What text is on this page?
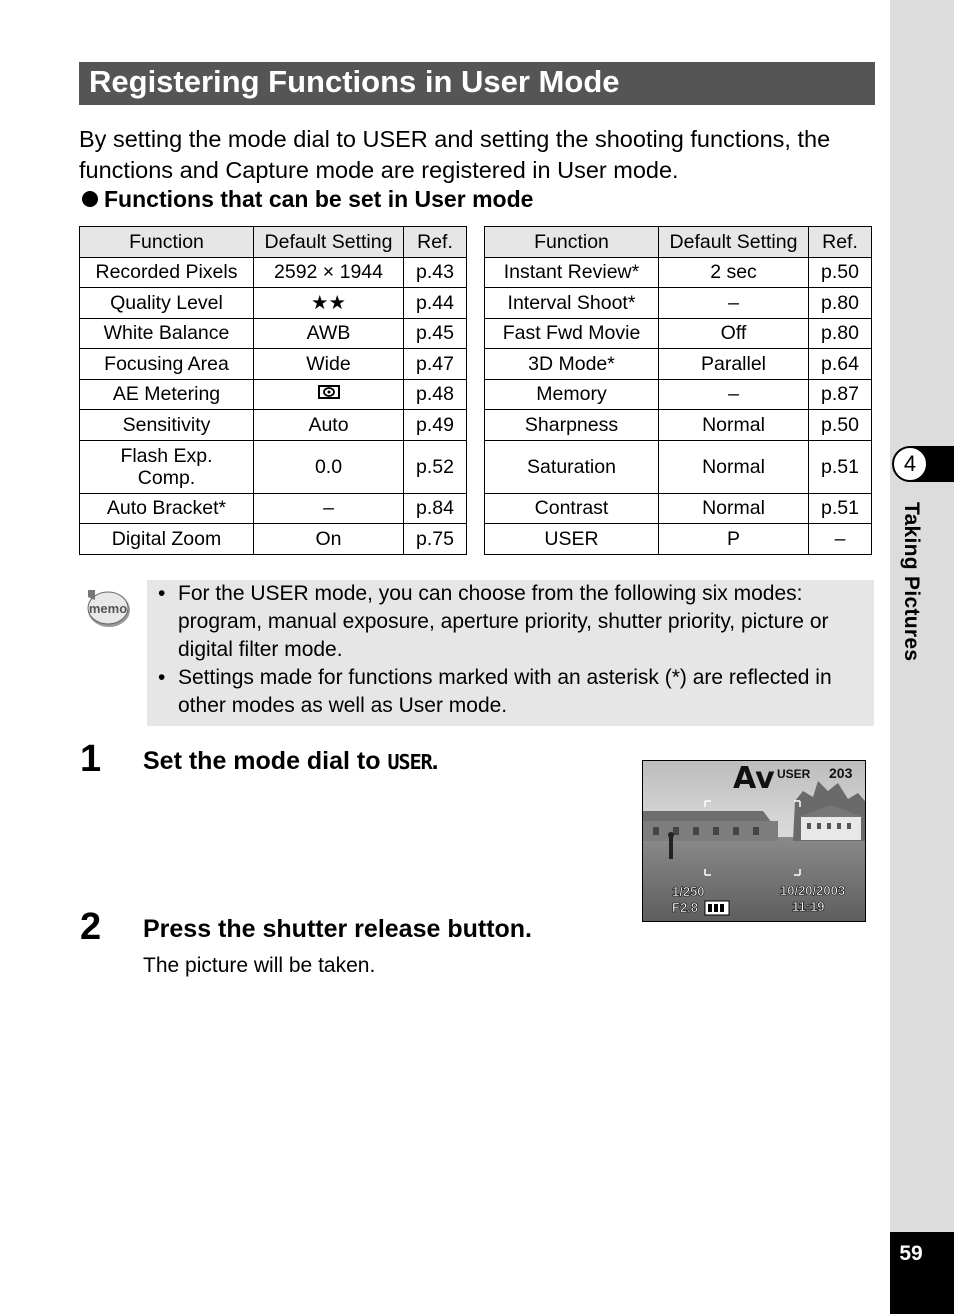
4
Taking Pictures
59
Registering Functions in User Mode
By setting the mode dial to USER and setting the shooting functions, the functions and Capture mode are registered in User mode.
Functions that can be set in User mode
Function	Default Setting	Ref.
Recorded Pixels	2592 × 1944	p.43
Quality Level	★★	p.44
White Balance	AWB	p.45
Focusing Area	Wide	p.47
AE Metering		p.48
Sensitivity	Auto	p.49
Flash Exp. Comp.	0.0	p.52
Auto Bracket*	–	p.84
Digital Zoom	On	p.75
Function	Default Setting	Ref.
Instant Review*	2 sec	p.50
Interval Shoot*	–	p.80
Fast Fwd Movie	Off	p.80
3D Mode*	Parallel	p.64
Memory	–	p.87
Sharpness	Normal	p.50
Saturation	Normal	p.51
Contrast	Normal	p.51
USER	P	–
memo
• For the USER mode, you can choose from the following six modes: program, manual exposure, aperture priority, shutter priority, picture or digital filter mode.
• Settings made for functions marked with an asterisk (*) are reflected in other modes as well as User mode.
1 Set the mode dial to USER.
2 Press the shutter release button.
The picture will be taken.
Av USER 203
1/250
F2.8
10/20/2003
11:19
